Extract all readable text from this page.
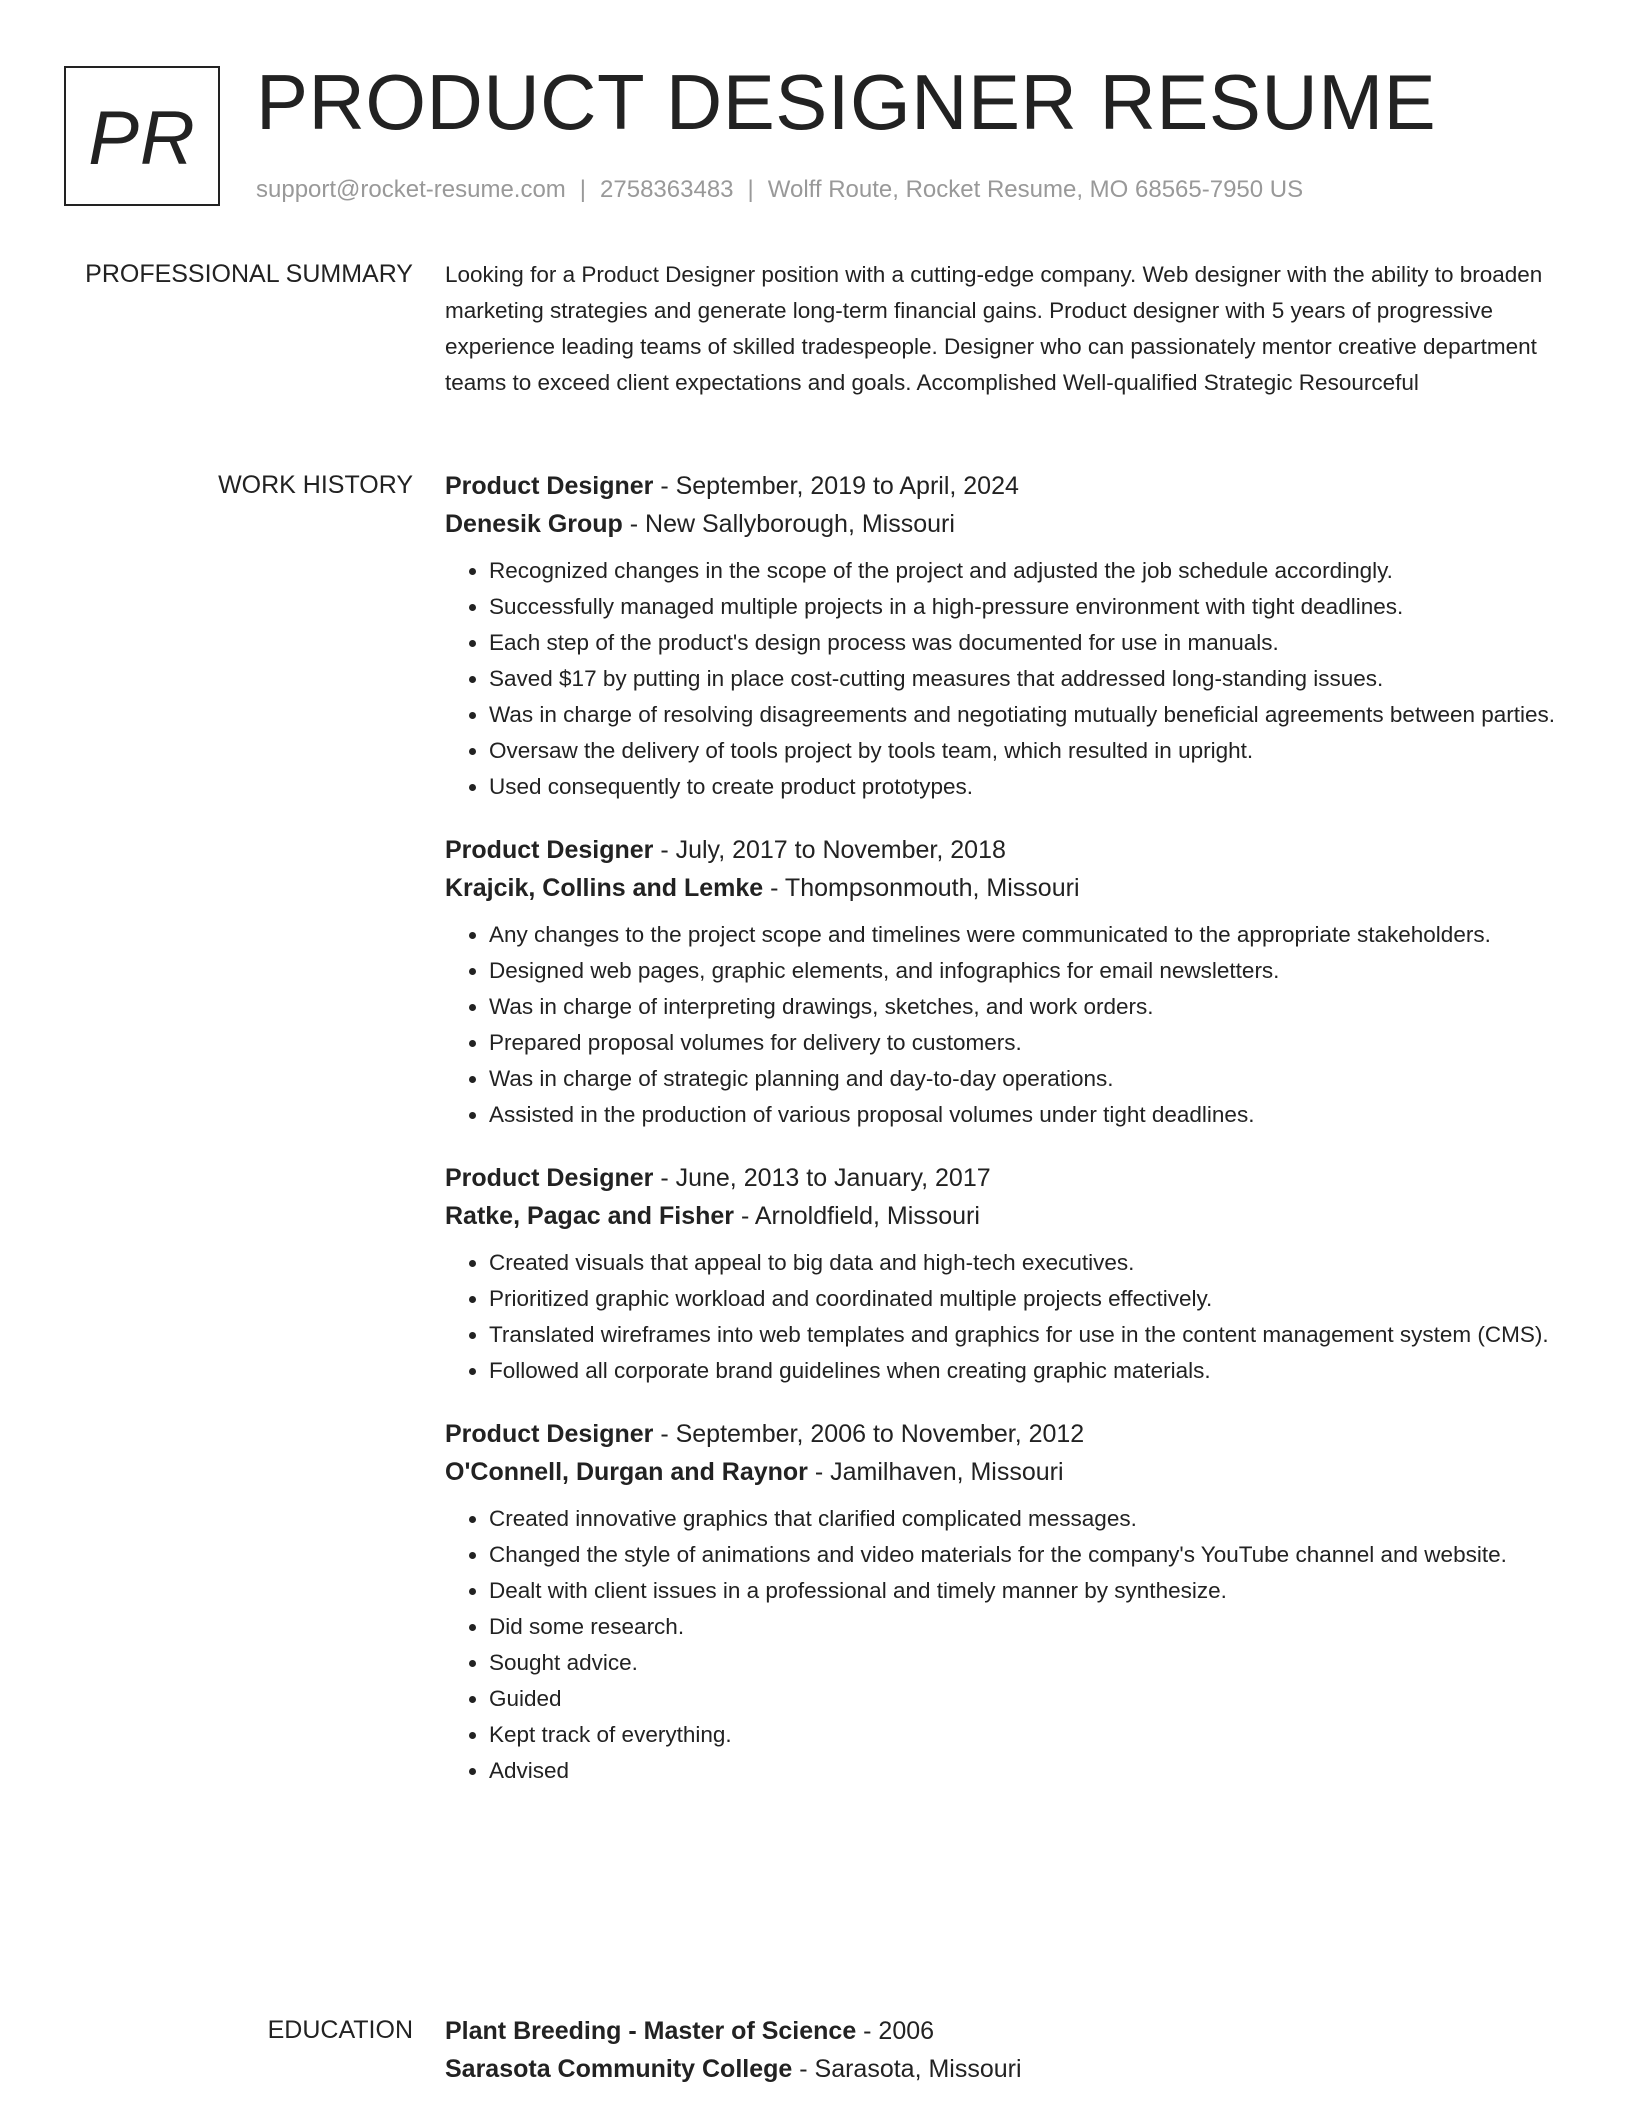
PR PRODUCT DESIGNER RESUME
support@rocket-resume.com | 2758363483 | Wolff Route, Rocket Resume, MO 68565-7950 US
PROFESSIONAL SUMMARY Looking for a Product Designer position with a cutting-edge company. Web designer with the ability to broaden marketing strategies and generate long-term financial gains. Product designer with 5 years of progressive experience leading teams of skilled tradespeople. Designer who can passionately mentor creative department teams to exceed client expectations and goals. Accomplished Well-qualified Strategic Resourceful
WORK HISTORY Product Designer - September, 2019 to April, 2024
Denesik Group - New Sallyborough, Missouri
• Recognized changes in the scope of the project and adjusted the job schedule accordingly.
• Successfully managed multiple projects in a high-pressure environment with tight deadlines.
• Each step of the product's design process was documented for use in manuals.
• Saved $17 by putting in place cost-cutting measures that addressed long-standing issues.
• Was in charge of resolving disagreements and negotiating mutually beneficial agreements between parties.
• Oversaw the delivery of tools project by tools team, which resulted in upright.
• Used consequently to create product prototypes.
Product Designer - July, 2017 to November, 2018
Krajcik, Collins and Lemke - Thompsonmouth, Missouri
• Any changes to the project scope and timelines were communicated to the appropriate stakeholders.
• Designed web pages, graphic elements, and infographics for email newsletters.
• Was in charge of interpreting drawings, sketches, and work orders.
• Prepared proposal volumes for delivery to customers.
• Was in charge of strategic planning and day-to-day operations.
• Assisted in the production of various proposal volumes under tight deadlines.
Product Designer - June, 2013 to January, 2017
Ratke, Pagac and Fisher - Arnoldfield, Missouri
• Created visuals that appeal to big data and high-tech executives.
• Prioritized graphic workload and coordinated multiple projects effectively.
• Translated wireframes into web templates and graphics for use in the content management system (CMS).
• Followed all corporate brand guidelines when creating graphic materials.
Product Designer - September, 2006 to November, 2012
O'Connell, Durgan and Raynor - Jamilhaven, Missouri
• Created innovative graphics that clarified complicated messages.
• Changed the style of animations and video materials for the company's YouTube channel and website.
• Dealt with client issues in a professional and timely manner by synthesize.
• Did some research.
• Sought advice.
• Guided
• Kept track of everything.
• Advised
EDUCATION Plant Breeding - Master of Science - 2006
Sarasota Community College - Sarasota, Missouri
